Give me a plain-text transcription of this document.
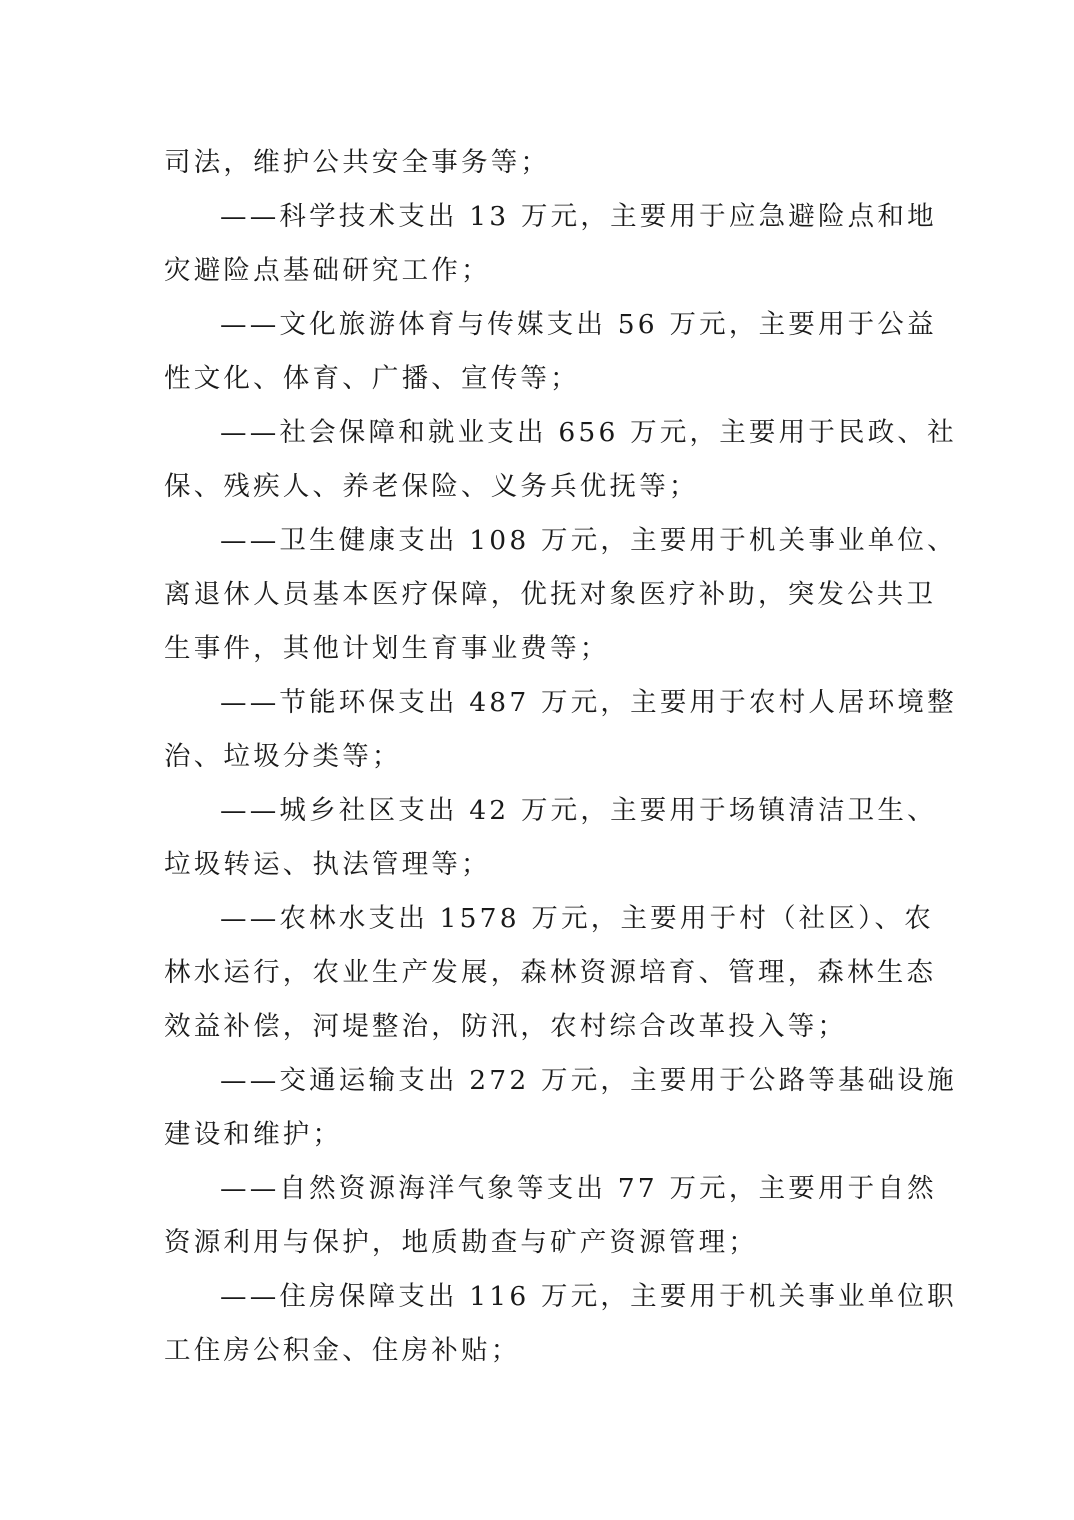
司法，维护公共安全事务等；
——科学技术支出 13 万元，主要用于应急避险点和地
灾避险点基础研究工作；
——文化旅游体育与传媒支出 56 万元，主要用于公益
性文化、体育、广播、宣传等；
——社会保障和就业支出 656 万元，主要用于民政、社
保、残疾人、养老保险、义务兵优抚等；
——卫生健康支出 108 万元，主要用于机关事业单位、
离退休人员基本医疗保障，优抚对象医疗补助，突发公共卫
生事件，其他计划生育事业费等；
——节能环保支出 487 万元，主要用于农村人居环境整
治、垃圾分类等；
——城乡社区支出 42 万元，主要用于场镇清洁卫生、
垃圾转运、执法管理等；
——农林水支出 1578 万元，主要用于村（社区）、农
林水运行，农业生产发展，森林资源培育、管理，森林生态
效益补偿，河堤整治，防汛，农村综合改革投入等；
——交通运输支出 272 万元，主要用于公路等基础设施
建设和维护；
——自然资源海洋气象等支出 77 万元，主要用于自然
资源利用与保护，地质勘查与矿产资源管理；
——住房保障支出 116 万元，主要用于机关事业单位职
工住房公积金、住房补贴；
